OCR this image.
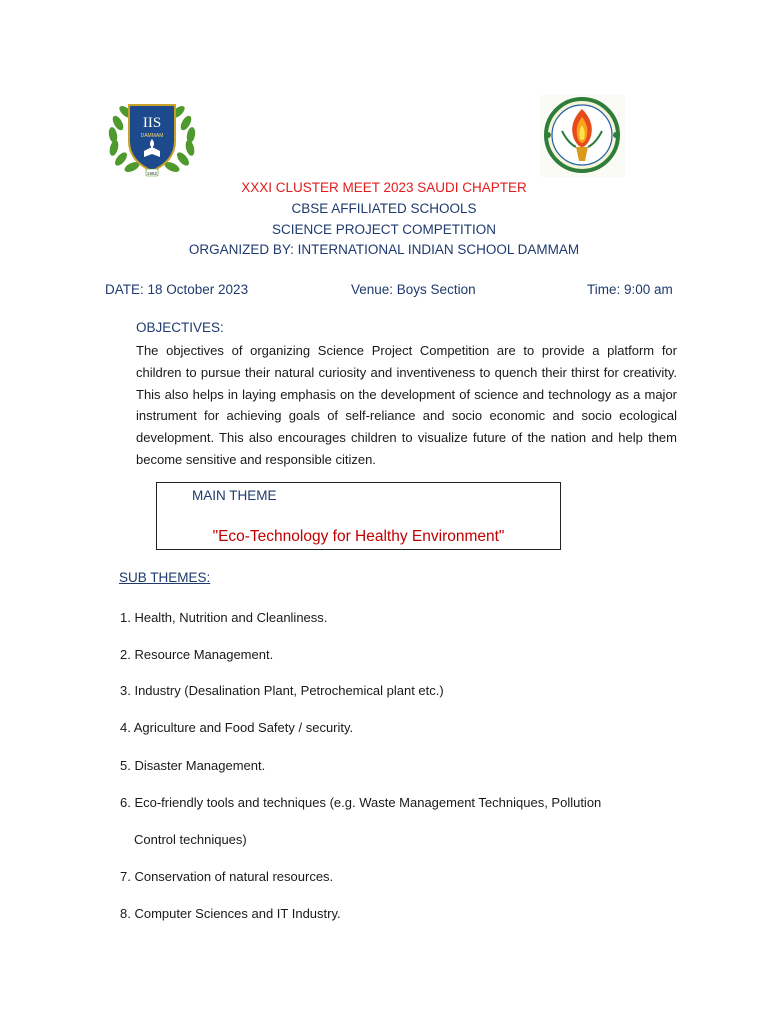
IIS
DAMMAM
1982
XXXI CLUSTER MEET 2023 SAUDI CHAPTER
CBSE AFFILIATED SCHOOLS
SCIENCE PROJECT COMPETITION
ORGANIZED BY: INTERNATIONAL INDIAN SCHOOL DAMMAM
DATE: 18 October 2023	Venue: Boys Section	Time: 9:00 am
OBJECTIVES:
The objectives of organizing Science Project Competition are to provide a platform for children to pursue their natural curiosity and inventiveness to quench their thirst for creativity. This also helps in laying emphasis on the development of science and technology as a major instrument for achieving goals of self-reliance and socio economic and socio ecological development. This also encourages children to visualize future of the nation and help them become sensitive and responsible citizen.
MAIN THEME
"Eco-Technology for Healthy Environment"
SUB THEMES:
1. Health, Nutrition and Cleanliness.
2. Resource Management.
3. Industry (Desalination Plant, Petrochemical plant etc.)
4. Agriculture and Food Safety / security.
5. Disaster Management.
6. Eco-friendly tools and techniques (e.g. Waste Management Techniques, Pollution
Control techniques)
7. Conservation of natural resources.
8. Computer Sciences and IT Industry.
